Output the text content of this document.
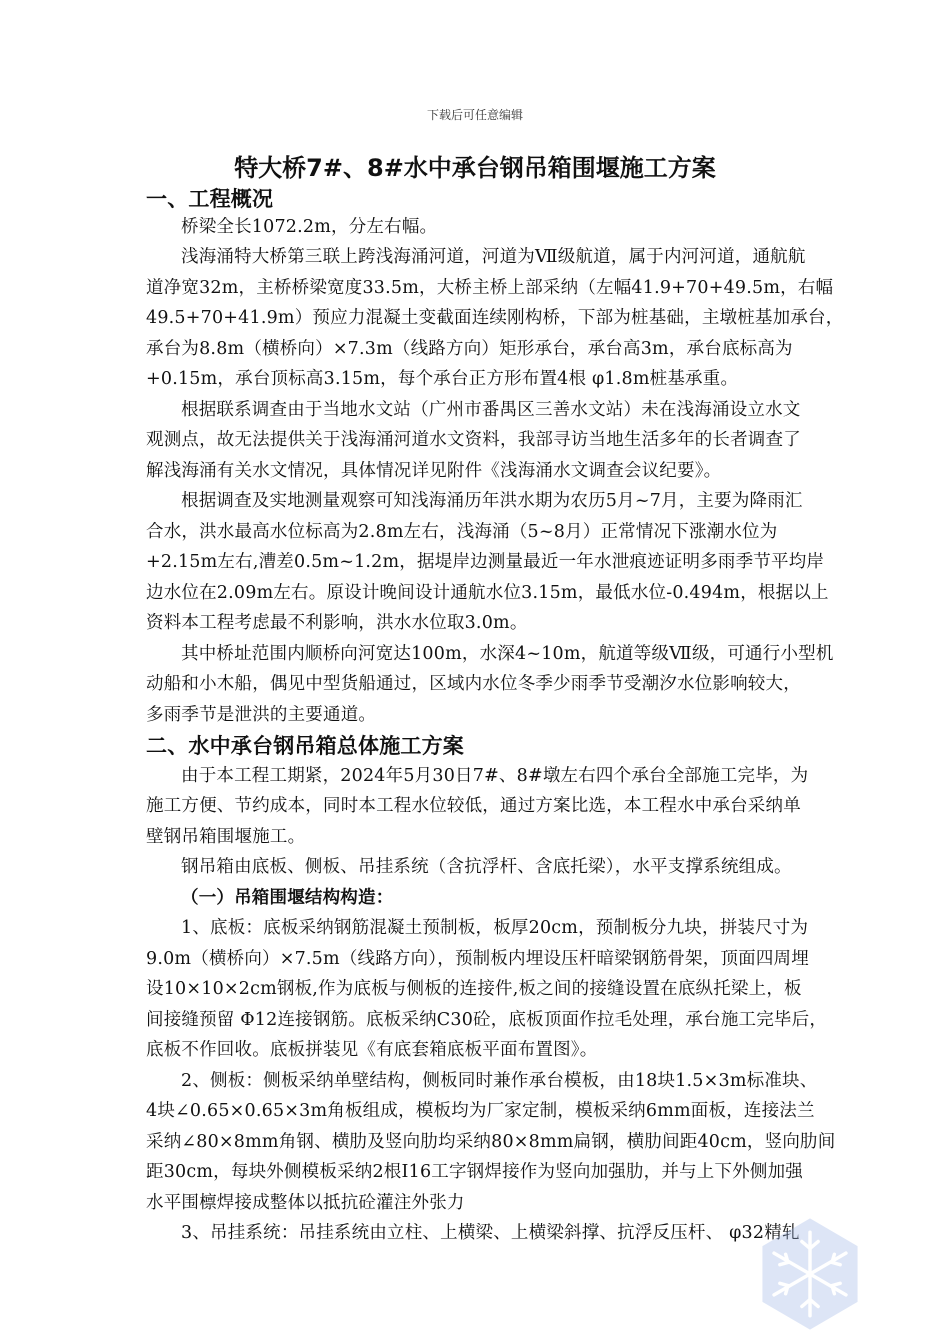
下载后可任意编辑
特大桥7#、8#水中承台钢吊箱围堰施工方案
一、工程概况
桥梁全长1072.2m，分左右幅。
浅海涌特大桥第三联上跨浅海涌河道，河道为Ⅶ级航道，属于内河河道，通航航
道净宽32m，主桥桥梁宽度33.5m，大桥主桥上部采纳（左幅41.9+70+49.5m，右幅
49.5+70+41.9m）预应力混凝土变截面连续刚构桥，下部为桩基础，主墩桩基加承台，
承台为8.8m（横桥向）×7.3m（线路方向）矩形承台，承台高3m，承台底标高为
+0.15m，承台顶标高3.15m，每个承台正方形布置4根 φ1.8m桩基承重。
根据联系调查由于当地水文站（广州市番禺区三善水文站）未在浅海涌设立水文
观测点，故无法提供关于浅海涌河道水文资料，我部寻访当地生活多年的长者调查了
解浅海涌有关水文情况，具体情况详见附件《浅海涌水文调查会议纪要》。
根据调查及实地测量观察可知浅海涌历年洪水期为农历5月~7月，主要为降雨汇
合水，洪水最高水位标高为2.8m左右，浅海涌（5~8月）正常情况下涨潮水位为
+2.15m左右,漕差0.5m~1.2m，据堤岸边测量最近一年水泄痕迹证明多雨季节平均岸
边水位在2.09m左右。原设计晚间设计通航水位3.15m，最低水位-0.494m，根据以上
资料本工程考虑最不利影响，洪水水位取3.0m。
其中桥址范围内顺桥向河宽达100m，水深4~10m，航道等级Ⅶ级，可通行小型机
动船和小木船，偶见中型货船通过，区域内水位冬季少雨季节受潮汐水位影响较大，
多雨季节是泄洪的主要通道。
二、水中承台钢吊箱总体施工方案
由于本工程工期紧，2024年5月30日7#、8#墩左右四个承台全部施工完毕，为
施工方便、节约成本，同时本工程水位较低，通过方案比选，本工程水中承台采纳单
壁钢吊箱围堰施工。
钢吊箱由底板、侧板、吊挂系统（含抗浮杆、含底托梁），水平支撑系统组成。
（一）吊箱围堰结构构造：
1、底板：底板采纳钢筋混凝土预制板，板厚20cm，预制板分九块，拼装尺寸为
9.0m（横桥向）×7.5m（线路方向），预制板内埋设压杆暗梁钢筋骨架，顶面四周埋
设10×10×2cm钢板,作为底板与侧板的连接件,板之间的接缝设置在底纵托梁上，板
间接缝预留 Φ12连接钢筋。底板采纳C30砼，底板顶面作拉毛处理，承台施工完毕后，
底板不作回收。底板拼装见《有底套箱底板平面布置图》。
2、侧板：侧板采纳单壁结构，侧板同时兼作承台模板，由18块1.5×3m标准块、
4块∠0.65×0.65×3m角板组成，模板均为厂家定制，模板采纳6mm面板，连接法兰
采纳∠80×8mm角钢、横肋及竖向肋均采纳80×8mm扁钢，横肋间距40cm，竖向肋间
距30cm，每块外侧模板采纳2根I16工字钢焊接作为竖向加强肋，并与上下外侧加强
水平围檩焊接成整体以抵抗砼灌注外张力
3、吊挂系统：吊挂系统由立柱、上横梁、上横梁斜撑、抗浮反压杆、 φ32精轧
